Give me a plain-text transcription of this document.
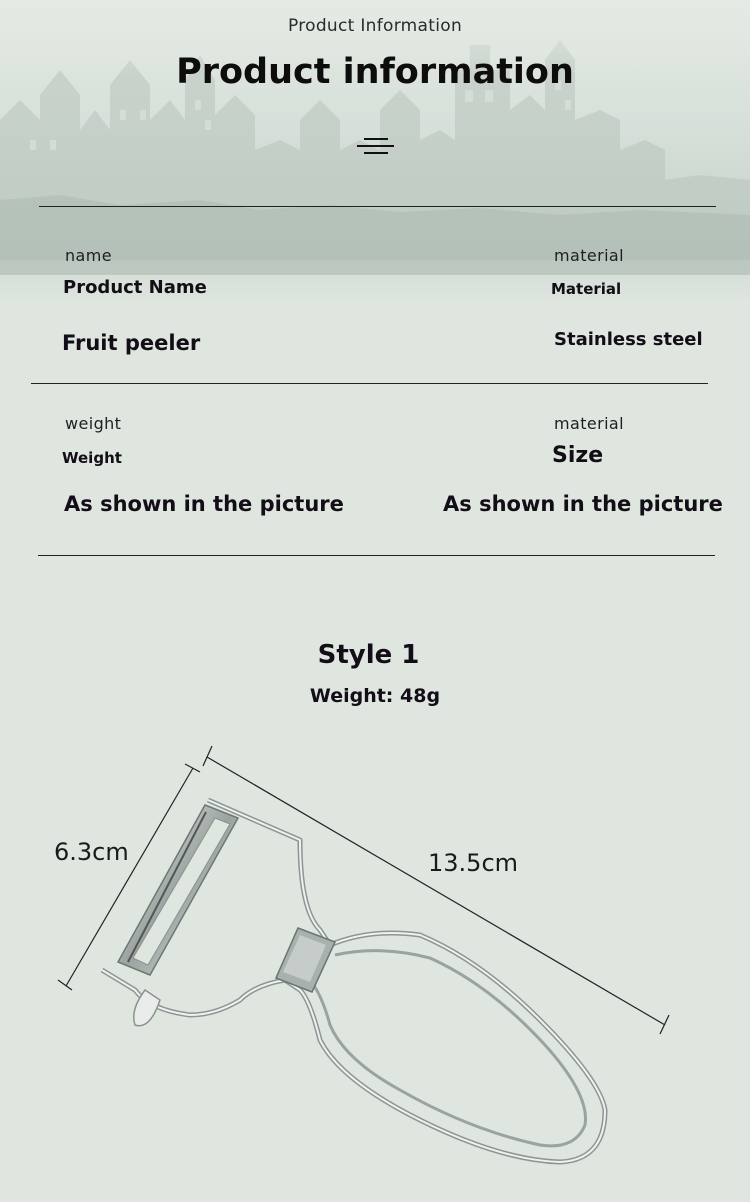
Product Information
Product information
name
Product Name
Fruit peeler
material
Material
Stainless steel
weight
Weight
As shown in the picture
material
Size
As shown in the picture
Style 1
Weight: 48g
6.3cm	13.5cm
